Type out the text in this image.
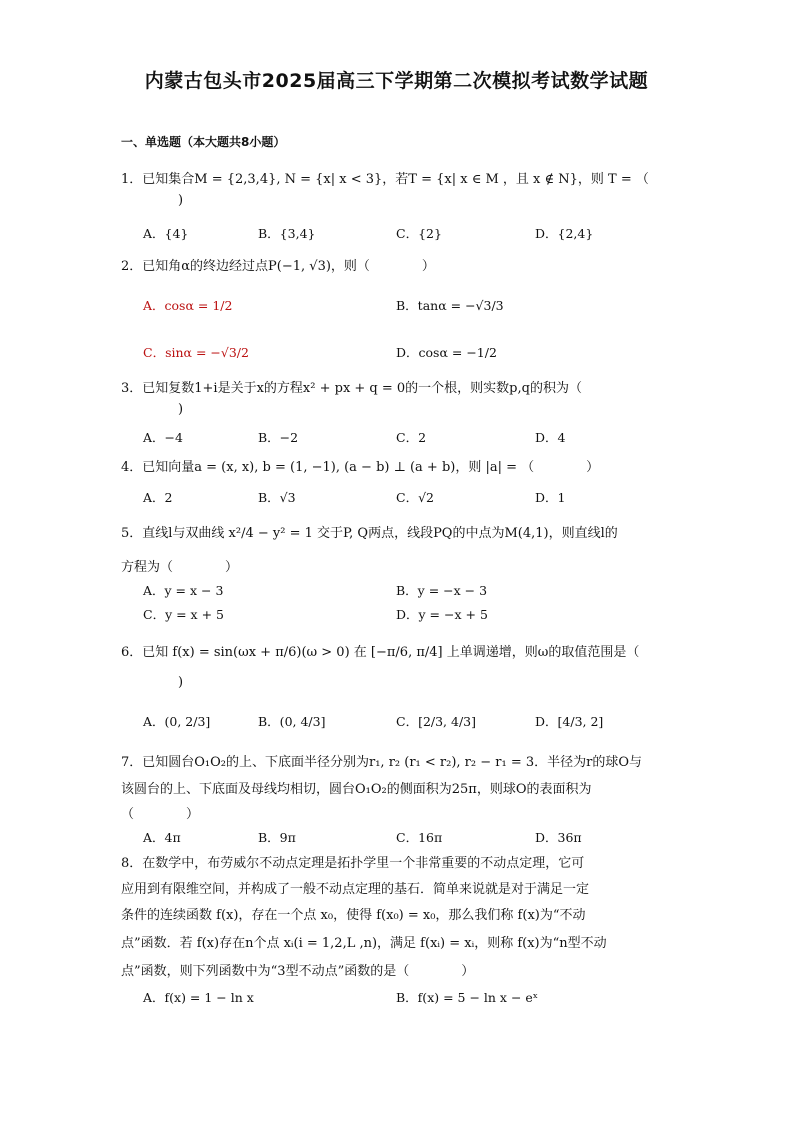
内蒙古包头市2025届高三下学期第二次模拟考试数学试题
一、单选题（本大题共8小题）
1．已知集合M = {2,3,4}, N = {x| x < 3}，若T = {x| x ∈ M ，且 x ∉ N}，则 T = （
)
A．{4}	B．{3,4}	C．{2}	D．{2,4}
2．已知角α的终边经过点P(−1, √3)，则（　　　　）
A．cosα = 1/2	B．tanα = −√3/3
C．sinα = −√3/2	D．cosα = −1/2
3．已知复数1+i是关于x的方程x² + px + q = 0的一个根，则实数p,q的积为（
)
A．−4	B．−2	C．2	D．4
4．已知向量a = (x, x), b = (1, −1), (a − b) ⊥ (a + b)，则 |a| = （　　　　）
A．2	B．√3	C．√2	D．1
5．直线l与双曲线 x²/4 − y² = 1 交于P, Q两点，线段PQ的中点为M(4,1)，则直线l的
方程为（　　　　）
A．y = x − 3	B．y = −x − 3
C．y = x + 5	D．y = −x + 5
6．已知 f(x) = sin(ωx + π/6)(ω > 0) 在 [−π/6, π/4] 上单调递增，则ω的取值范围是（
)
A．(0, 2/3]	B．(0, 4/3]	C．[2/3, 4/3]	D．[4/3, 2]
7．已知圆台O₁O₂的上、下底面半径分别为r₁, r₂ (r₁ < r₂), r₂ − r₁ = 3．半径为r的球O与
该圆台的上、下底面及母线均相切，圆台O₁O₂的侧面积为25π，则球O的表面积为
（　　　　）
A．4π	B．9π	C．16π	D．36π
8．在数学中，布劳威尔不动点定理是拓扑学里一个非常重要的不动点定理，它可
应用到有限维空间，并构成了一般不动点定理的基石．简单来说就是对于满足一定
条件的连续函数 f(x)，存在一个点 x₀，使得 f(x₀) = x₀，那么我们称 f(x)为“不动
点”函数．若 f(x)存在n个点 xᵢ(i = 1,2,L ,n)，满足 f(xᵢ) = xᵢ，则称 f(x)为“n型不动
点”函数，则下列函数中为“3型不动点”函数的是（　　　　）
A．f(x) = 1 − ln x	B．f(x) = 5 − ln x − eˣ
